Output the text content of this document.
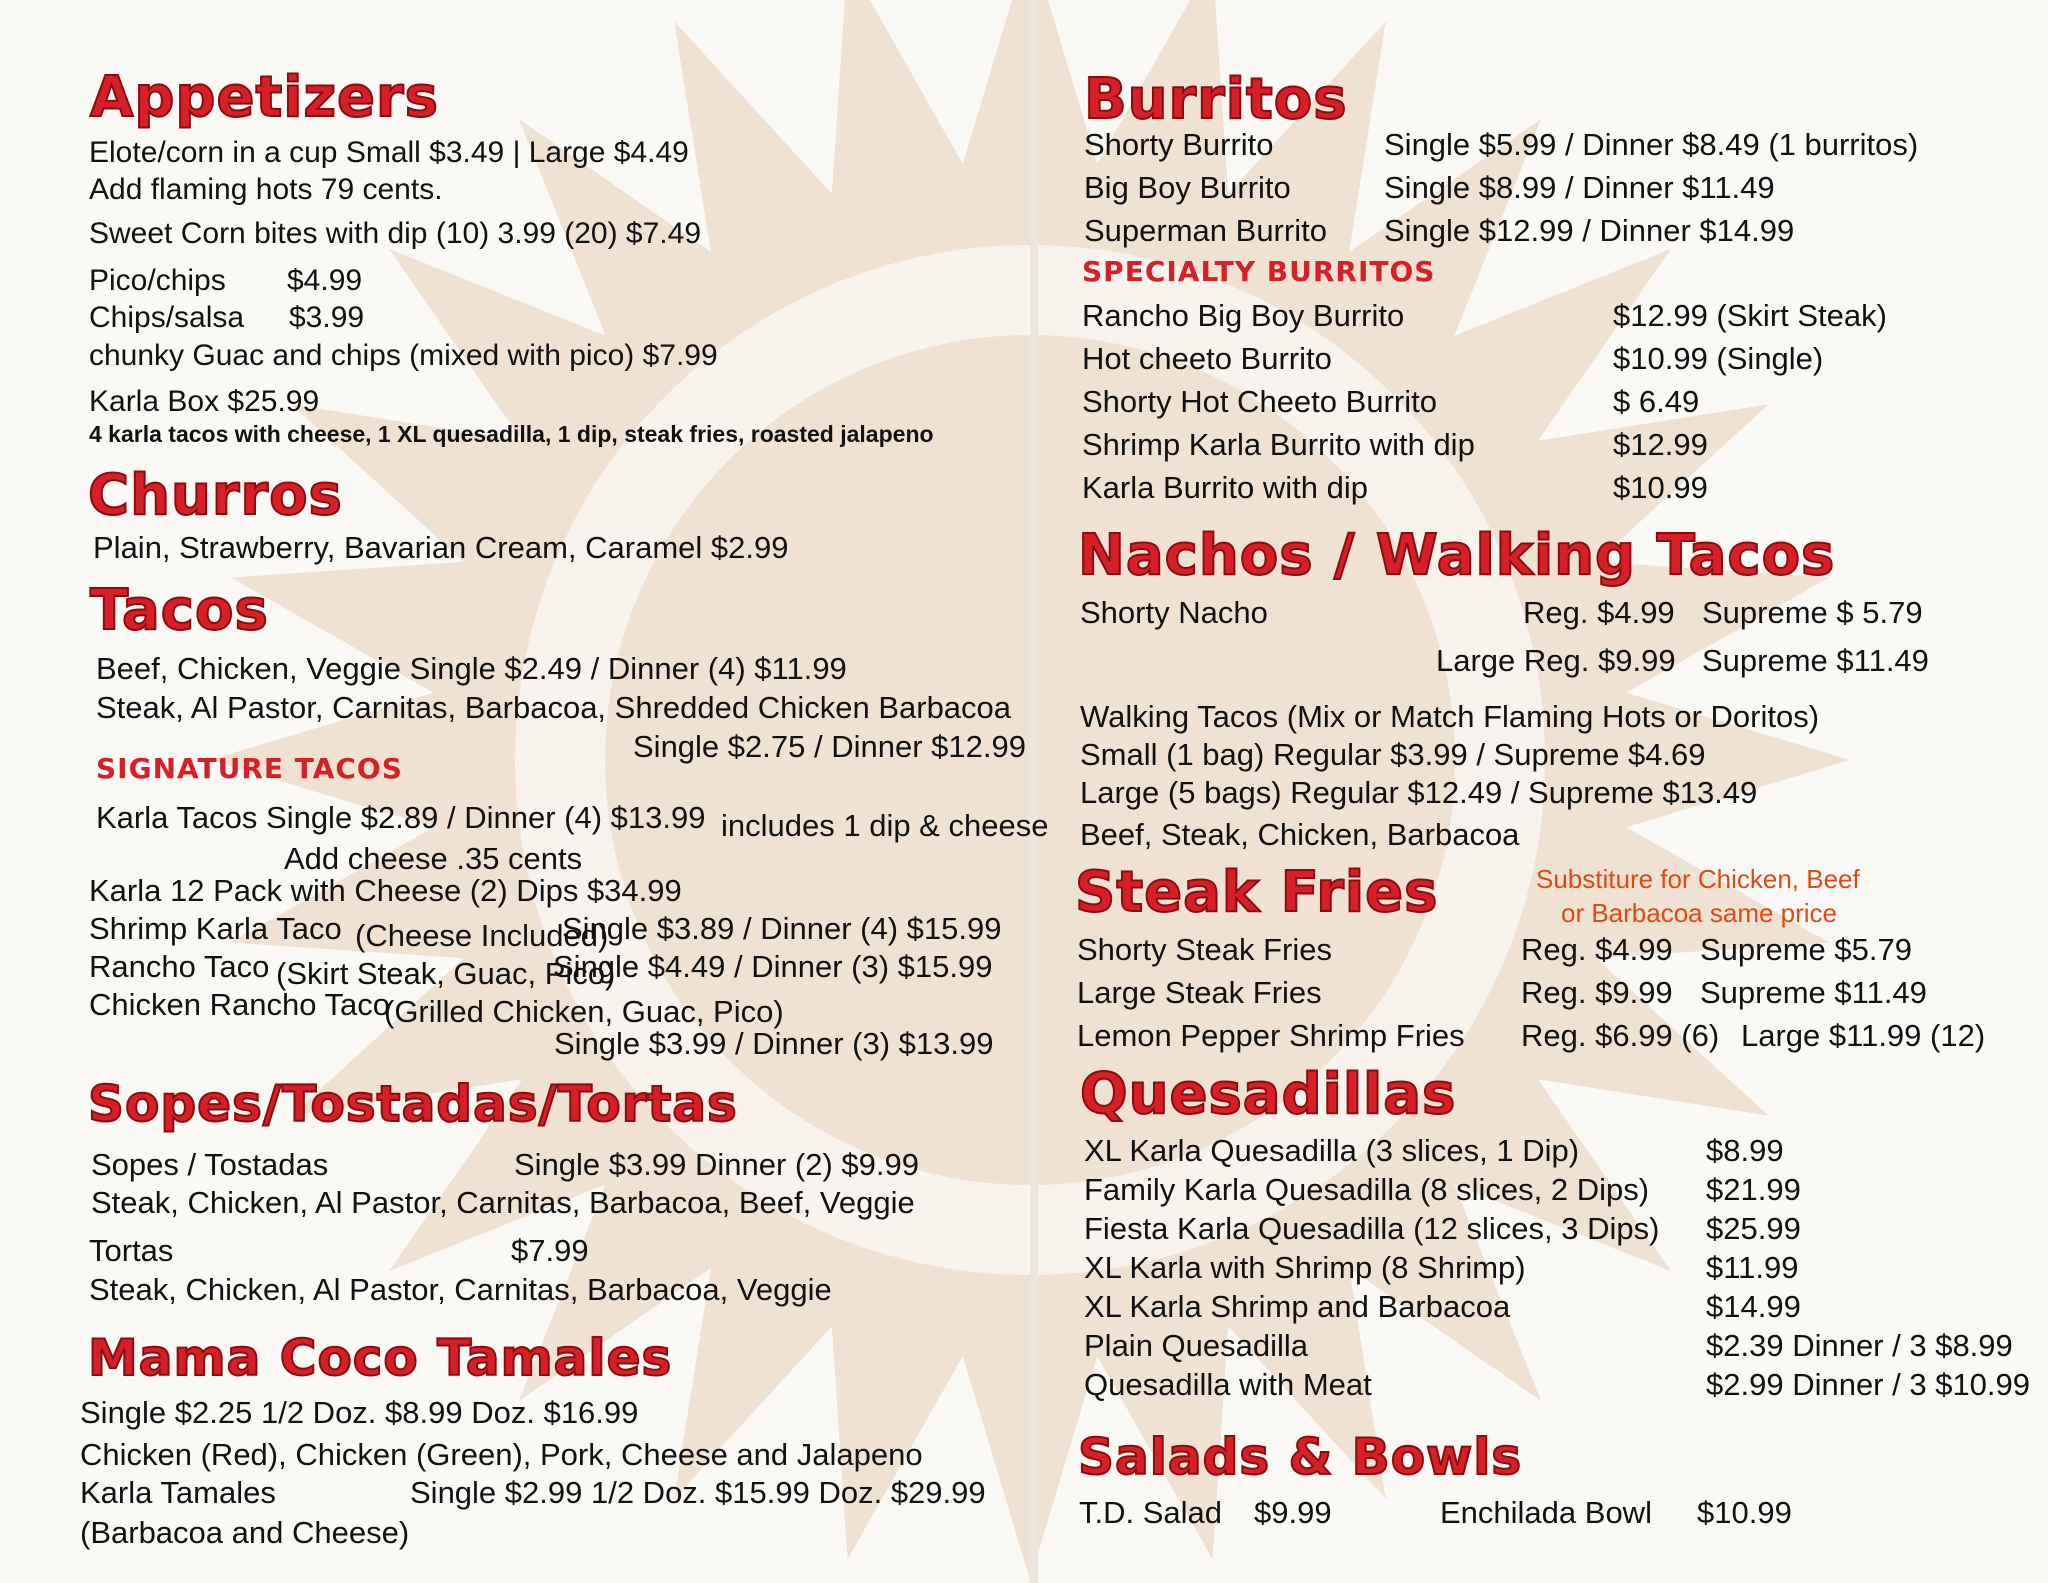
Appetizers
Elote/corn in a cup Small $3.49 | Large $4.49
Add flaming hots 79 cents.
Sweet Corn bites with dip (10) 3.99 (20) $7.49
Pico/chips $4.99
Chips/salsa $3.99
chunky Guac and chips (mixed with pico) $7.99
Karla Box $25.99
4 karla tacos with cheese, 1 XL quesadilla, 1 dip, steak fries, roasted jalapeno
Churros
Plain, Strawberry, Bavarian Cream, Caramel $2.99
Tacos
Beef, Chicken, Veggie Single $2.49 / Dinner (4) $11.99
Steak, Al Pastor, Carnitas, Barbacoa, Shredded Chicken Barbacoa
Single $2.75 / Dinner $12.99
SIGNATURE TACOS
Karla Tacos Single $2.89 / Dinner (4) $13.99 includes 1 dip & cheese
Add cheese .35 cents
Karla 12 Pack with Cheese (2) Dips $34.99
Shrimp Karla Taco (Cheese Included)
Single $3.89 / Dinner (4) $15.99
Rancho Taco (Skirt Steak, Guac, Pico)
Single $4.49 / Dinner (3) $15.99
Chicken Rancho Taco
(Grilled Chicken, Guac, Pico)
Single $3.99 / Dinner (3) $13.99
Sopes/Tostadas/Tortas
Sopes / Tostadas	Single $3.99 Dinner (2) $9.99
Steak, Chicken, Al Pastor, Carnitas, Barbacoa, Beef, Veggie
Tortas	$7.99
Steak, Chicken, Al Pastor, Carnitas, Barbacoa, Veggie
Mama Coco Tamales
Single $2.25 1/2 Doz. $8.99 Doz. $16.99
Chicken (Red), Chicken (Green), Pork, Cheese and Jalapeno
Karla Tamales	Single $2.99 1/2 Doz. $15.99 Doz. $29.99
(Barbacoa and Cheese)
Burritos
Shorty Burrito	Single $5.99 / Dinner $8.49 (1 burritos)
Big Boy Burrito	Single $8.99 / Dinner $11.49
Superman Burrito Single $12.99 / Dinner $14.99
SPECIALTY BURRITOS
Rancho Big Boy Burrito	$12.99 (Skirt Steak)
Hot cheeto Burrito	$10.99 (Single)
Shorty Hot Cheeto Burrito	$ 6.49
Shrimp Karla Burrito with dip	$12.99
Karla Burrito with dip	$10.99
Nachos / Walking Tacos
Shorty Nacho	Reg. $4.99 Supreme $ 5.79
Large Reg. $9.99 Supreme $11.49
Walking Tacos (Mix or Match Flaming Hots or Doritos)
Small (1 bag) Regular $3.99 / Supreme $4.69
Large (5 bags) Regular $12.49 / Supreme $13.49
Beef, Steak, Chicken, Barbacoa
Steak Fries	Substiture for Chicken, Beef
or Barbacoa same price
Shorty Steak Fries	Reg. $4.99 Supreme $5.79
Large Steak Fries	Reg. $9.99 Supreme $11.49
Lemon Pepper Shrimp Fries Reg. $6.99 (6) Large $11.99 (12)
Quesadillas
XL Karla Quesadilla (3 slices, 1 Dip)	$8.99
Family Karla Quesadilla (8 slices, 2 Dips) $21.99
Fiesta Karla Quesadilla (12 slices, 3 Dips) $25.99
XL Karla with Shrimp (8 Shrimp)	$11.99
XL Karla Shrimp and Barbacoa	$14.99
Plain Quesadilla	$2.39 Dinner / 3 $8.99
Quesadilla with Meat	$2.99 Dinner / 3 $10.99
Salads & Bowls
T.D. Salad $9.99	Enchilada Bowl $10.99
